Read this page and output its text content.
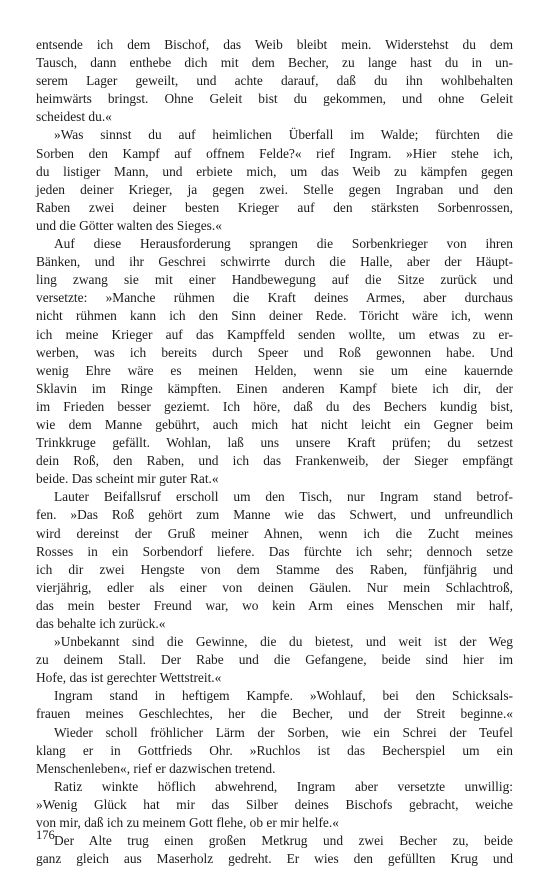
entsende ich dem Bischof, das Weib bleibt mein. Widerstehst du dem
Tausch, dann enthebe dich mit dem Becher, zu lange hast du in un-
serem Lager geweilt, und achte darauf, daß du ihn wohlbehalten
heimwärts bringst. Ohne Geleit bist du gekommen, und ohne Geleit
scheidest du.«
»Was sinnst du auf heimlichen Überfall im Walde; fürchten die
Sorben den Kampf auf offnem Felde?« rief Ingram. »Hier stehe ich,
du listiger Mann, und erbiete mich, um das Weib zu kämpfen gegen
jeden deiner Krieger, ja gegen zwei. Stelle gegen Ingraban und den
Raben zwei deiner besten Krieger auf den stärksten Sorbenrossen,
und die Götter walten des Sieges.«
Auf diese Herausforderung sprangen die Sorbenkrieger von ihren
Bänken, und ihr Geschrei schwirrte durch die Halle, aber der Häupt-
ling zwang sie mit einer Handbewegung auf die Sitze zurück und
versetzte: »Manche rühmen die Kraft deines Armes, aber durchaus
nicht rühmen kann ich den Sinn deiner Rede. Töricht wäre ich, wenn
ich meine Krieger auf das Kampffeld senden wollte, um etwas zu er-
werben, was ich bereits durch Speer und Roß gewonnen habe. Und
wenig Ehre wäre es meinen Helden, wenn sie um eine kauernde
Sklavin im Ringe kämpften. Einen anderen Kampf biete ich dir, der
im Frieden besser geziemt. Ich höre, daß du des Bechers kundig bist,
wie dem Manne gebührt, auch mich hat nicht leicht ein Gegner beim
Trinkkruge gefällt. Wohlan, laß uns unsere Kraft prüfen; du setzest
dein Roß, den Raben, und ich das Frankenweib, der Sieger empfängt
beide. Das scheint mir guter Rat.«
Lauter Beifallsruf erscholl um den Tisch, nur Ingram stand betrof-
fen. »Das Roß gehört zum Manne wie das Schwert, und unfreundlich
wird dereinst der Gruß meiner Ahnen, wenn ich die Zucht meines
Rosses in ein Sorbendorf liefere. Das fürchte ich sehr; dennoch setze
ich dir zwei Hengste von dem Stamme des Raben, fünfjährig und
vierjährig, edler als einer von deinen Gäulen. Nur mein Schlachtroß,
das mein bester Freund war, wo kein Arm eines Menschen mir half,
das behalte ich zurück.«
»Unbekannt sind die Gewinne, die du bietest, und weit ist der Weg
zu deinem Stall. Der Rabe und die Gefangene, beide sind hier im
Hofe, das ist gerechter Wettstreit.«
Ingram stand in heftigem Kampfe. »Wohlauf, bei den Schicksals-
frauen meines Geschlechtes, her die Becher, und der Streit beginne.«
Wieder scholl fröhlicher Lärm der Sorben, wie ein Schrei der Teufel
klang er in Gottfrieds Ohr. »Ruchlos ist das Becherspiel um ein
Menschenleben«, rief er dazwischen tretend.
Ratiz winkte höflich abwehrend, Ingram aber versetzte unwillig:
»Wenig Glück hat mir das Silber deines Bischofs gebracht, weiche
von mir, daß ich zu meinem Gott flehe, ob er mir helfe.«
Der Alte trug einen großen Metkrug und zwei Becher zu, beide
ganz gleich aus Maserholz gedreht. Er wies den gefüllten Krug und
176
